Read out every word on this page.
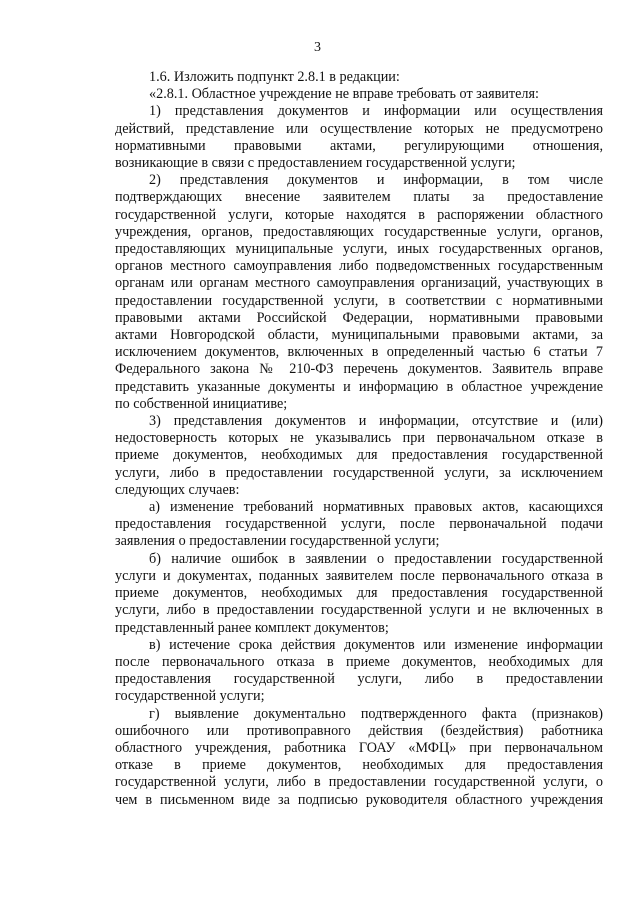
3

1.6. Изложить подпункт 2.8.1 в редакции:

«2.8.1. Областное учреждение не вправе требовать от заявителя:

1) представления документов и информации или осуществления
действий, представление или осуществление которых не предусмотрено
нормативными правовыми актами, регулирующими отношения,
возникающие в связи с предоставлением государственной услуги;

2) представления документов и информации, в том числе
подтверждающих внесение заявителем платы за предоставление
государственной услуги, которые находятся в распоряжении областного
учреждения, органов, предоставляющих государственные услуги, органов,
предоставляющих муниципальные услуги, иных государственных органов,
органов местного самоуправления либо подведомственных государственным
органам или органам местного самоуправления организаций, участвующих в
предоставлении государственной услуги, в соответствии с нормативными
правовыми актами Российской Федерации, нормативными правовыми
актами Новгородской области, муниципальными правовыми актами, за
исключением документов, включенных в определенный частью 6 статьи 7
Федерального закона № 210-ФЗ перечень документов. Заявитель вправе
представить указанные документы и информацию в областное учреждение
по собственной инициативе;

3) представления документов и информации, отсутствие и (или)
недостоверность которых не указывались при первоначальном отказе в
приеме документов, необходимых для предоставления государственной
услуги, либо в предоставлении государственной услуги, за исключением
следующих случаев:

а) изменение требований нормативных правовых актов, касающихся
предоставления государственной услуги, после первоначальной подачи
заявления о предоставлении государственной услуги;

б) наличие ошибок в заявлении о предоставлении государственной
услуги и документах, поданных заявителем после первоначального отказа в
приеме документов, необходимых для предоставления государственной
услуги, либо в предоставлении государственной услуги и не включенных в
представленный ранее комплект документов;

в) истечение срока действия документов или изменение информации
после первоначального отказа в приеме документов, необходимых для
предоставления государственной услуги, либо в предоставлении
государственной услуги;

г) выявление документально подтвержденного факта (признаков)
ошибочного или противоправного действия (бездействия) работника
областного учреждения, работника ГОАУ «МФЦ» при первоначальном
отказе в приеме документов, необходимых для предоставления
государственной услуги, либо в предоставлении государственной услуги, о
чем в письменном виде за подписью руководителя областного учреждения
